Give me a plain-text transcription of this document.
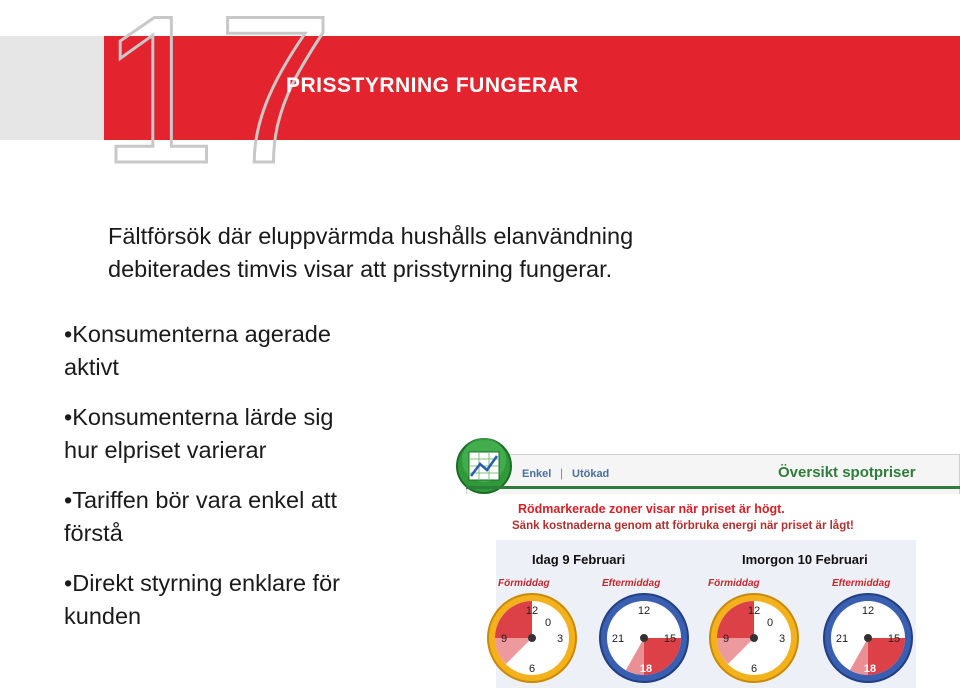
17
PRISSTYRNING FUNGERAR
Fältförsök där eluppvärmda hushålls elanvändning
debiterades timvis visar att prisstyrning fungerar.
•Konsumenterna agerade
aktivt
•Konsumenterna lärde sig
hur elpriset varierar
•Tariffen bör vara enkel att
förstå
•Direkt styrning enklare för
kunden
Enkel | Utökad	Översikt spotpriser
Rödmarkerade zoner visar när priset är högt.
Sänk kostnaderna genom att förbruka energi när priset är lågt!
Idag 9 Februari	Imorgon 10 Februari
Förmiddag	Eftermiddag	Förmiddag	Eftermiddag
12
3
6
9
0
12
15
18
21
12
3
6
9
0
12
15
18
21
